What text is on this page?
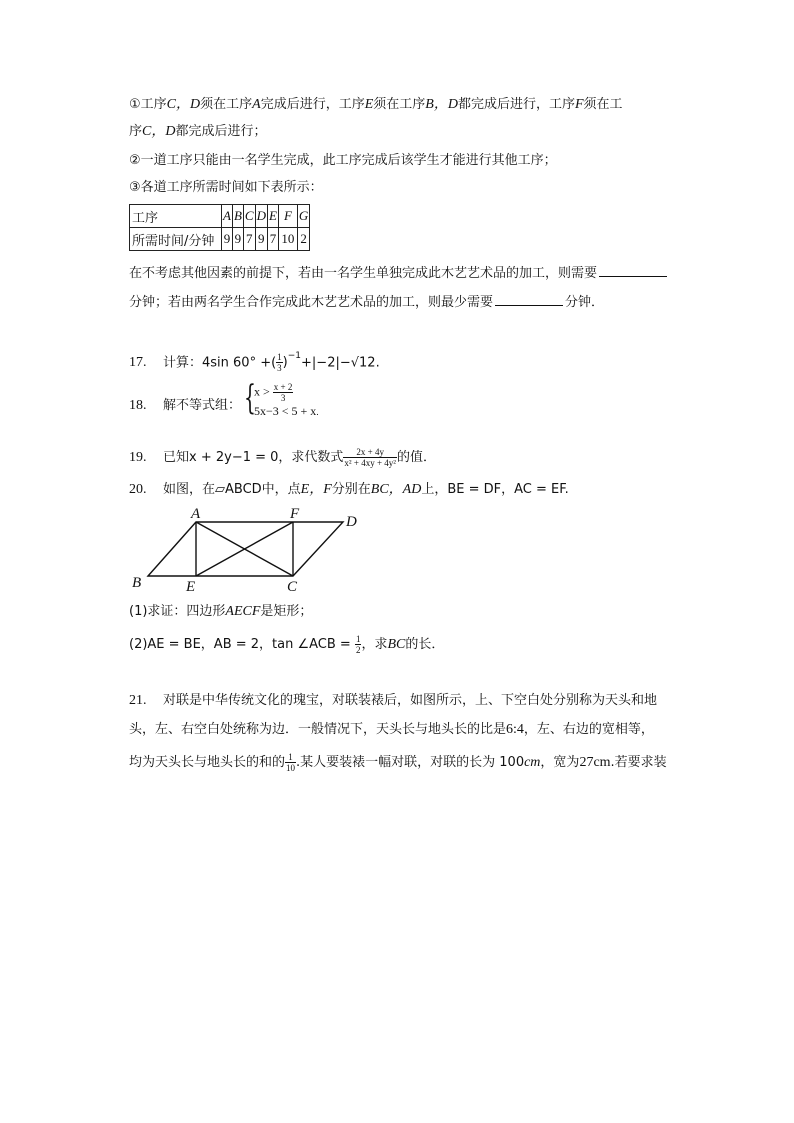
①工序C，D须在工序A完成后进行，工序E须在工序B，D都完成后进行，工序F须在工
序C，D都完成后进行；
②一道工序只能由一名学生完成，此工序完成后该学生才能进行其他工序；
③各道工序所需时间如下表所示：
工序	A	B	C	D	E	F	G
所需时间/分钟	9	9	7	9	7	10	2
在不考虑其他因素的前提下，若由一名学生单独完成此木艺艺术品的加工，则需要
分钟；若由两名学生合作完成此木艺艺术品的加工，则最少需要	分钟．
17. 计算：4sin 60° +( $\frac{1}{3} )^{-1}+|-2|-√12$.
18. 解不等式组： {
$x > \frac{x + 2}{3}$
5x−3 < 5 + x.
19. 已知x + 2y−1 = 0，求代数式 $\frac{2x + 4y}{\text{x² + 4xy + 4y²}}$ 的值．
20. 如图，在▱ABCD中，点E，F分别在BC，AD上，BE = DF，AC = EF.
A	F	D
B	E	C
(1)求证：四边形AECF是矩形；
(2)AE = BE，AB = 2，tan ∠ACB = $\frac{1}{2}$ ，求BC的长．
21. 对联是中华传统文化的瑰宝，对联装裱后，如图所示，上、下空白处分别称为天头和地
头，左、右空白处统称为边．一般情况下，天头长与地头长的比是6:4，左、右边的宽相等，
均为天头长与地头长的和的 $\frac{1}{10}$ .某人要装裱一幅对联，对联的长为 100cm，宽为27cm.若要求装
